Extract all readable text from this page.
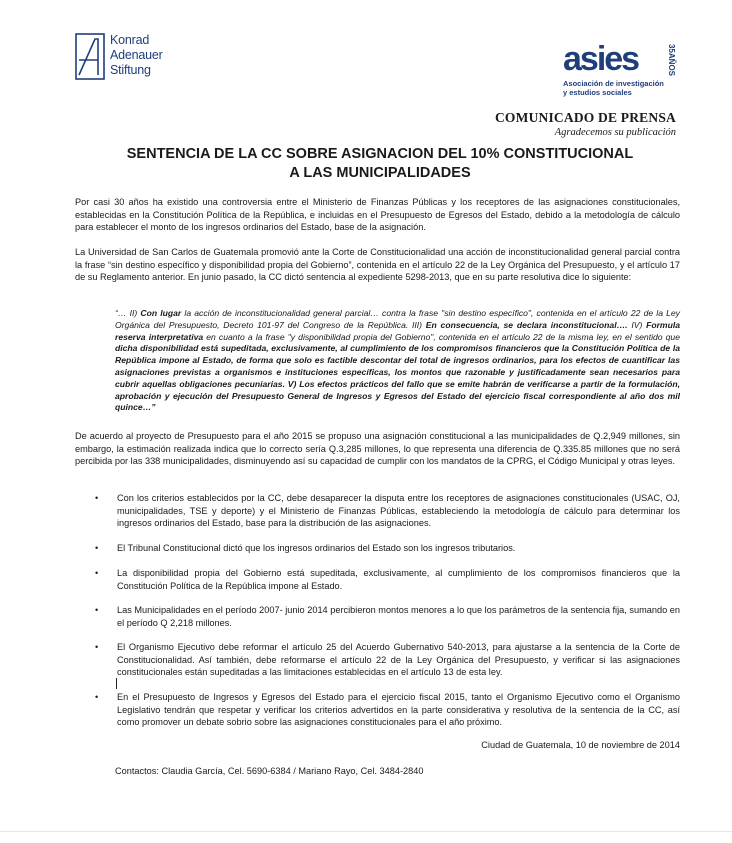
Konrad
Adenauer
Stiftung	asies	35AÑOS
Asociación de investigación
y estudios sociales
COMUNICADO DE PRENSA
Agradecemos su publicación
SENTENCIA DE LA CC SOBRE ASIGNACION DEL 10% CONSTITUCIONAL
A LAS MUNICIPALIDADES
Por casi 30 años ha existido una controversia entre el Ministerio de Finanzas Públicas y los receptores de las asignaciones constitucionales, establecidas en la Constitución Política de la República, e incluidas en el Presupuesto de Egresos del Estado, debido a la metodología de cálculo para establecer el monto de los ingresos ordinarios del Estado, base de la asignación.
La Universidad de San Carlos de Guatemala promovió ante la Corte de Constitucionalidad una acción de inconstitucionalidad general parcial contra la frase “sin destino específico y disponibilidad propia del Gobierno”, contenida en el artículo 22 de la Ley Orgánica del Presupuesto, y el artículo 17 de su Reglamento anterior. En junio pasado, la CC dictó sentencia al expediente 5298-2013, que en su parte resolutiva dice lo siguiente:
“… II) Con lugar la acción de inconstitucionalidad general parcial… contra la frase "sin destino específico", contenida en el artículo 22 de la Ley Orgánica del Presupuesto, Decreto 101-97 del Congreso de la República. III) En consecuencia, se declara inconstitucional…. IV) Formula reserva interpretativa en cuanto a la frase "y disponibilidad propia del Gobierno", contenida en el artículo 22 de la misma ley, en el sentido que dicha disponibilidad está supeditada, exclusivamente, al cumplimiento de los compromisos financieros que la Constitución Política de la República impone al Estado, de forma que solo es factible descontar del total de ingresos ordinarios, para los efectos de cuantificar las asignaciones previstas a organismos e instituciones específicas, los montos que razonable y justificadamente sean necesarios para cubrir aquellas obligaciones pecuniarias. V) Los efectos prácticos del fallo que se emite habrán de verificarse a partir de la formulación, aprobación y ejecución del Presupuesto General de Ingresos y Egresos del Estado del ejercicio fiscal correspondiente al año dos mil quince…”
De acuerdo al proyecto de Presupuesto para el año 2015 se propuso una asignación constitucional a las municipalidades de Q.2,949 millones, sin embargo, la estimación realizada indica que lo correcto sería Q.3,285 millones, lo que representa una diferencia de Q.335.85 millones que no será percibida por las 338 municipalidades, disminuyendo así su capacidad de cumplir con los mandatos de la CPRG, el Código Municipal y otras leyes.
•	Con los criterios establecidos por la CC, debe desaparecer la disputa entre los receptores de asignaciones constitucionales (USAC, OJ, municipalidades, TSE y deporte) y el Ministerio de Finanzas Públicas, estableciendo la metodología de cálculo para determinar los ingresos ordinarios del Estado, base para la distribución de las asignaciones.
•	El Tribunal Constitucional dictó que los ingresos ordinarios del Estado son los ingresos tributarios.
•	La disponibilidad propia del Gobierno está supeditada, exclusivamente, al cumplimiento de los compromisos financieros que la Constitución Política de la República impone al Estado.
•	Las Municipalidades en el período 2007- junio 2014 percibieron montos menores a lo que los parámetros de la sentencia fija, sumando en el período Q 2,218 millones.
•	El Organismo Ejecutivo debe reformar el artículo 25 del Acuerdo Gubernativo 540-2013, para ajustarse a la sentencia de la Corte de Constitucionalidad. Así también, debe reformarse el artículo 22 de la Ley Orgánica del Presupuesto, y verificar si las asignaciones constitucionales están supeditadas a las limitaciones establecidas en el artículo 13 de esta ley.
•	En el Presupuesto de Ingresos y Egresos del Estado para el ejercicio fiscal 2015, tanto el Organismo Ejecutivo como el Organismo Legislativo tendrán que respetar y verificar los criterios advertidos en la parte considerativa y resolutiva de la sentencia de la CC, así como promover un debate sobrio sobre las asignaciones constitucionales para el año próximo.
Ciudad de Guatemala, 10 de noviembre de 2014
Contactos: Claudia García, Cel. 5690-6384 / Mariano Rayo, Cel. 3484-2840
